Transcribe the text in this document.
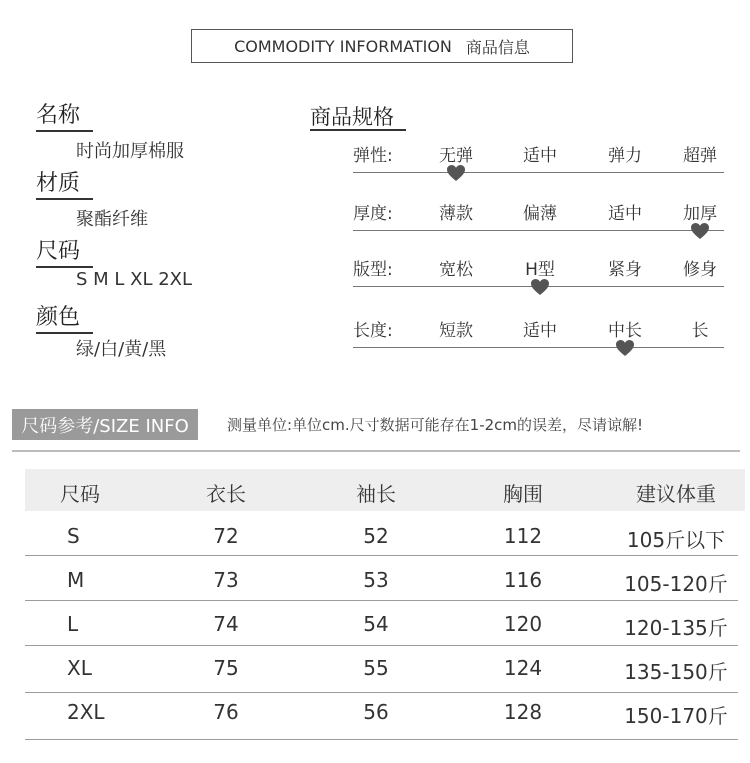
COMMODITY INFORMATION 商品信息
名称
时尚加厚棉服
材质
聚酯纤维
尺码
S M L XL 2XL
颜色
绿/白/黄/黑
商品规格
弹性:	无弹	适中	弹力	超弹
厚度:	薄款	偏薄	适中	加厚
版型:	宽松	H型	紧身	修身
长度:	短款	适中	中长	长
尺码参考/SIZE INFO	测量单位:单位cm.尺寸数据可能存在1-2cm的误差，尽请谅解!
尺码	衣长	袖长	胸围	建议体重
S	72	52	112	105斤以下
M	73	53	116	105-120斤
L	74	54	120	120-135斤
XL	75	55	124	135-150斤
2XL	76	56	128	150-170斤
